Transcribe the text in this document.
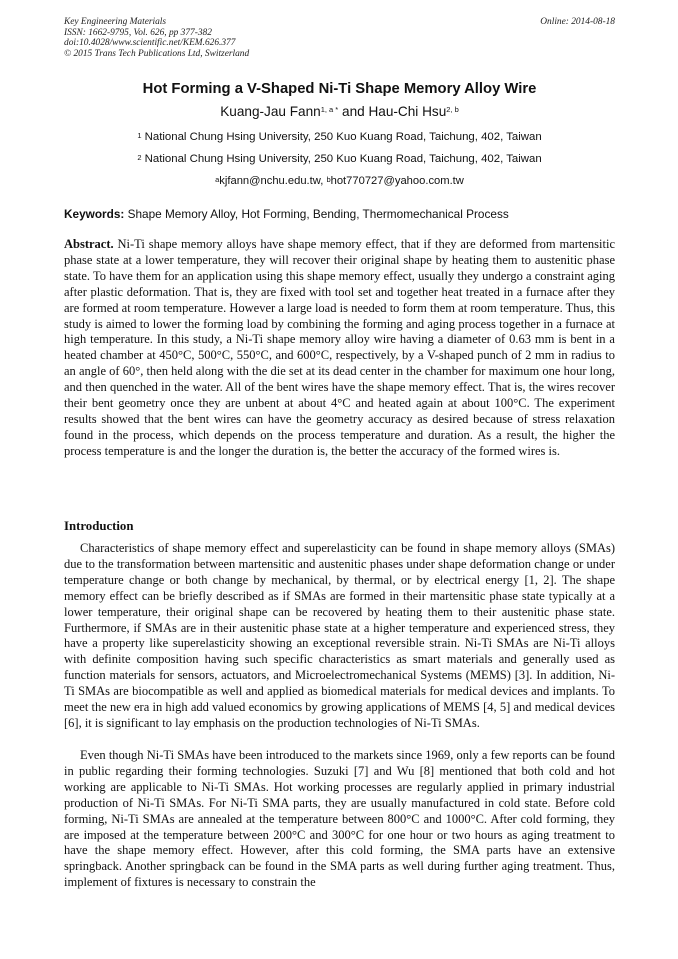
Key Engineering Materials
ISSN: 1662-9795, Vol. 626, pp 377-382
doi:10.4028/www.scientific.net/KEM.626.377
© 2015 Trans Tech Publications Ltd, Switzerland
Online: 2014-08-18
Hot Forming a V-Shaped Ni-Ti Shape Memory Alloy Wire
Kuang-Jau Fann$^{1, a *}$ and Hau-Chi Hsu$^{2, b}$
$^1$ National Chung Hsing University, 250 Kuo Kuang Road, Taichung, 402, Taiwan
$^2$ National Chung Hsing University, 250 Kuo Kuang Road, Taichung, 402, Taiwan
$^a$kjfann@nchu.edu.tw, $^b$hot770727@yahoo.com.tw
Keywords: Shape Memory Alloy, Hot Forming, Bending, Thermomechanical Process

Abstract. Ni-Ti shape memory alloys have shape memory effect, that if they are deformed from martensitic phase state at a lower temperature, they will recover their original shape by heating them to austenitic phase state. To have them for an application using this shape memory effect, usually they undergo a constraint aging after plastic deformation. That is, they are fixed with tool set and together heat treated in a furnace after they are formed at room temperature. However a large load is needed to form them at room temperature. Thus, this study is aimed to lower the forming load by combining the forming and aging process together in a furnace at high temperature. In this study, a Ni-Ti shape memory alloy wire having a diameter of 0.63 mm is bent in a heated chamber at 450°C, 500°C, 550°C, and 600°C, respectively, by a V-shaped punch of 2 mm in radius to an angle of 60°, then held along with the die set at its dead center in the chamber for maximum one hour long, and then quenched in the water. All of the bent wires have the shape memory effect. That is, the wires recover their bent geometry once they are unbent at about 4°C and heated again at about 100°C. The experiment results showed that the bent wires can have the geometry accuracy as desired because of stress relaxation found in the process, which depends on the process temperature and duration. As a result, the higher the process temperature is and the longer the duration is, the better the accuracy of the formed wires is.

Introduction

Characteristics of shape memory effect and superelasticity can be found in shape memory alloys (SMAs) due to the transformation between martensitic and austenitic phases under shape deformation change or under temperature change or both change by mechanical, by thermal, or by electrical energy [1, 2]. The shape memory effect can be briefly described as if SMAs are formed in their martensitic phase state typically at a lower temperature, their original shape can be recovered by heating them to their austenitic phase state. Furthermore, if SMAs are in their austenitic phase state at a higher temperature and experienced stress, they have a property like superelasticity showing an exceptional reversible strain. Ni-Ti SMAs are Ni-Ti alloys with definite composition having such specific characteristics as smart materials and generally used as function materials for sensors, actuators, and Microelectromechanical Systems (MEMS) [3]. In addition, Ni-Ti SMAs are biocompatible as well and applied as biomedical materials for medical devices and implants. To meet the new era in high add valued economics by growing applications of MEMS [4, 5] and medical devices [6], it is significant to lay emphasis on the production technologies of Ni-Ti SMAs.

Even though Ni-Ti SMAs have been introduced to the markets since 1969, only a few reports can be found in public regarding their forming technologies. Suzuki [7] and Wu [8] mentioned that both cold and hot working are applicable to Ni-Ti SMAs. Hot working processes are regularly applied in primary industrial production of Ni-Ti SMAs. For Ni-Ti SMA parts, they are usually manufactured in cold state. Before cold forming, Ni-Ti SMAs are annealed at the temperature between 800°C and 1000°C. After cold forming, they are imposed at the temperature between 200°C and 300°C for one hour or two hours as aging treatment to have the shape memory effect. However, after this cold forming, the SMA parts have an extensive springback. Another springback can be found in the SMA parts as well during further aging treatment. Thus, implement of fixtures is necessary to constrain the
